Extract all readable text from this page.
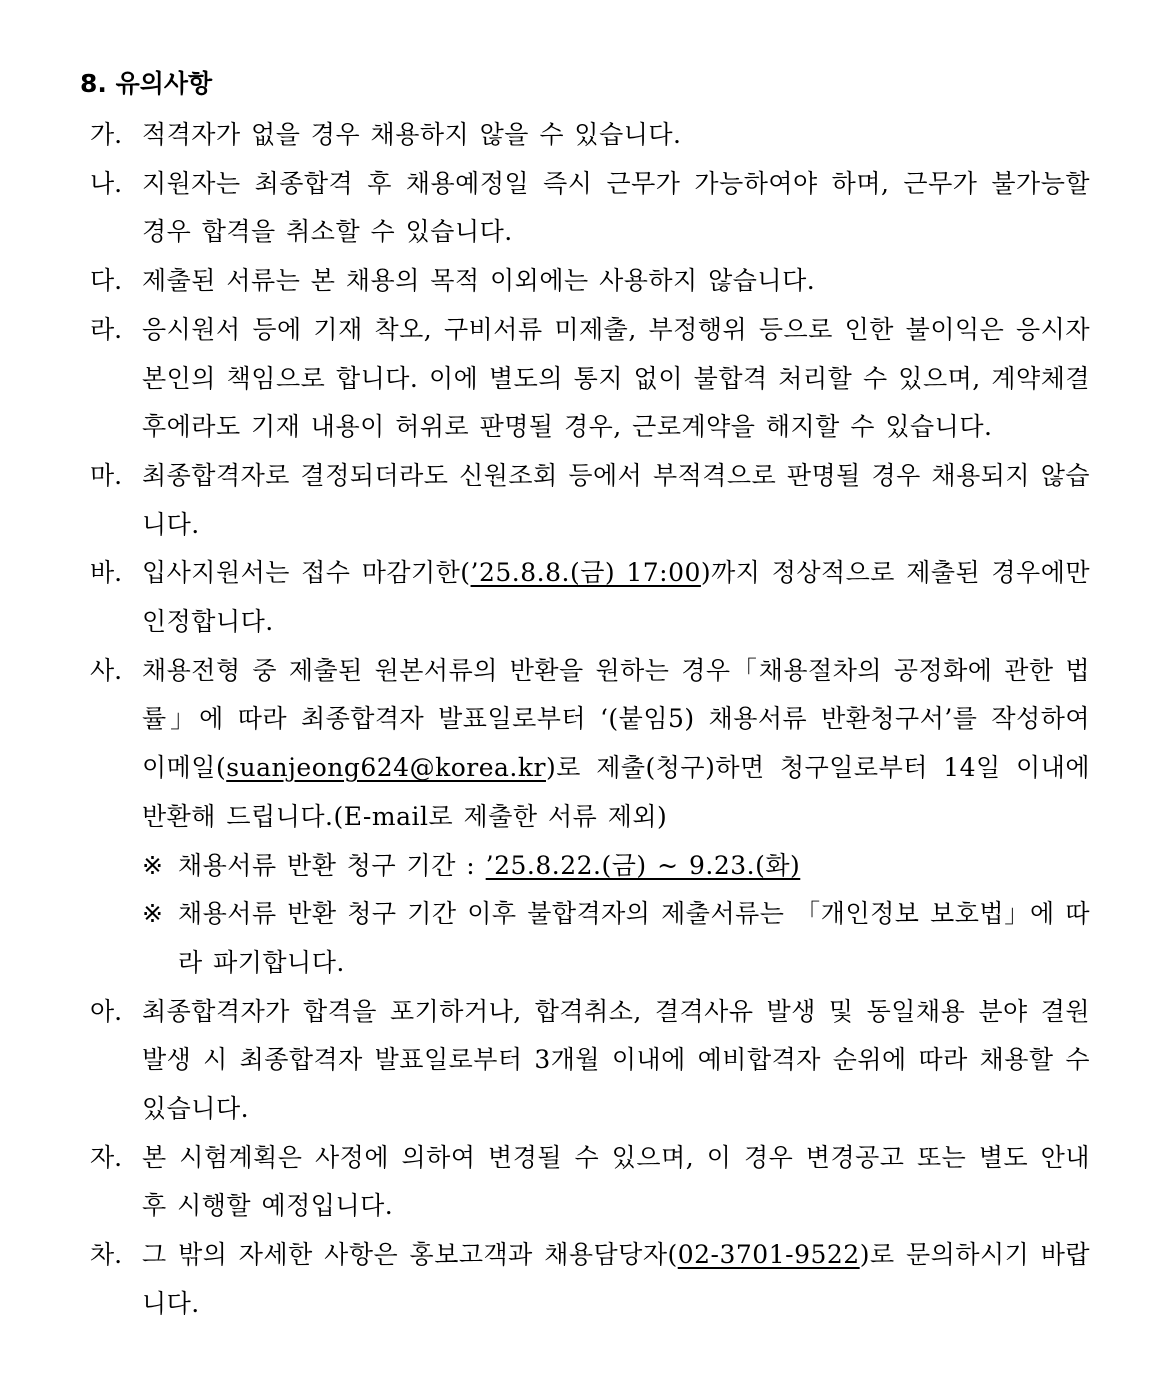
8. 유의사항
가. 적격자가 없을 경우 채용하지 않을 수 있습니다.
나. 지원자는 최종합격 후 채용예정일 즉시 근무가 가능하여야 하며, 근무가 불가능할 경우 합격을 취소할 수 있습니다.
다. 제출된 서류는 본 채용의 목적 이외에는 사용하지 않습니다.
라. 응시원서 등에 기재 착오, 구비서류 미제출, 부정행위 등으로 인한 불이익은 응시자 본인의 책임으로 합니다. 이에 별도의 통지 없이 불합격 처리할 수 있으며, 계약체결 후에라도 기재 내용이 허위로 판명될 경우, 근로계약을 해지할 수 있습니다.
마. 최종합격자로 결정되더라도 신원조회 등에서 부적격으로 판명될 경우 채용되지 않습니다.
바. 입사지원서는 접수 마감기한(’25.8.8.(금) 17:00)까지 정상적으로 제출된 경우에만 인정합니다.
사. 채용전형 중 제출된 원본서류의 반환을 원하는 경우「채용절차의 공정화에 관한 법률」에 따라 최종합격자 발표일로부터 ‘(붙임5) 채용서류 반환청구서’를 작성하여 이메일(suanjeong624@korea.kr)로 제출(청구)하면 청구일로부터 14일 이내에 반환해 드립니다.(E-mail로 제출한 서류 제외)
※ 채용서류 반환 청구 기간 : ’25.8.22.(금) ~ 9.23.(화)
※ 채용서류 반환 청구 기간 이후 불합격자의 제출서류는 「개인정보 보호법」에 따라 파기합니다.
아. 최종합격자가 합격을 포기하거나, 합격취소, 결격사유 발생 및 동일채용 분야 결원 발생 시 최종합격자 발표일로부터 3개월 이내에 예비합격자 순위에 따라 채용할 수 있습니다.
자. 본 시험계획은 사정에 의하여 변경될 수 있으며, 이 경우 변경공고 또는 별도 안내 후 시행할 예정입니다.
차. 그 밖의 자세한 사항은 홍보고객과 채용담당자(02-3701-9522)로 문의하시기 바랍니다.
